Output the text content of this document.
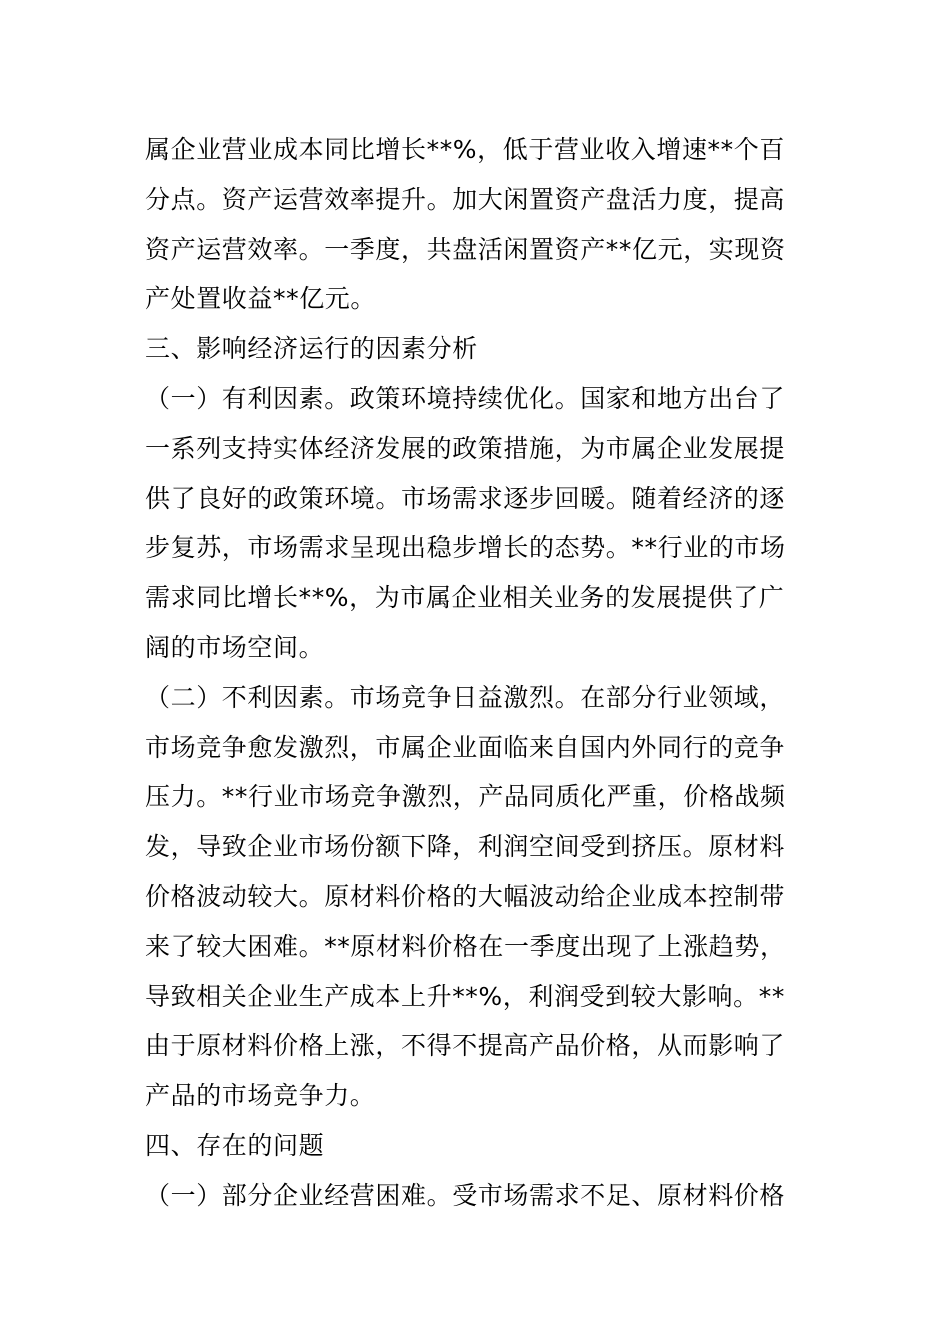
属企业营业成本同比增长**%，低于营业收入增速**个百
分点。资产运营效率提升。加大闲置资产盘活力度，提高
资产运营效率。一季度，共盘活闲置资产**亿元，实现资
产处置收益**亿元。
三、影响经济运行的因素分析
（一）有利因素。政策环境持续优化。国家和地方出台了
一系列支持实体经济发展的政策措施，为市属企业发展提
供了良好的政策环境。市场需求逐步回暖。随着经济的逐
步复苏，市场需求呈现出稳步增长的态势。**行业的市场
需求同比增长**%，为市属企业相关业务的发展提供了广
阔的市场空间。
（二）不利因素。市场竞争日益激烈。在部分行业领域，
市场竞争愈发激烈，市属企业面临来自国内外同行的竞争
压力。**行业市场竞争激烈，产品同质化严重，价格战频
发，导致企业市场份额下降，利润空间受到挤压。原材料
价格波动较大。原材料价格的大幅波动给企业成本控制带
来了较大困难。**原材料价格在一季度出现了上涨趋势，
导致相关企业生产成本上升**%，利润受到较大影响。**
由于原材料价格上涨，不得不提高产品价格，从而影响了
产品的市场竞争力。
四、存在的问题
（一）部分企业经营困难。受市场需求不足、原材料价格
